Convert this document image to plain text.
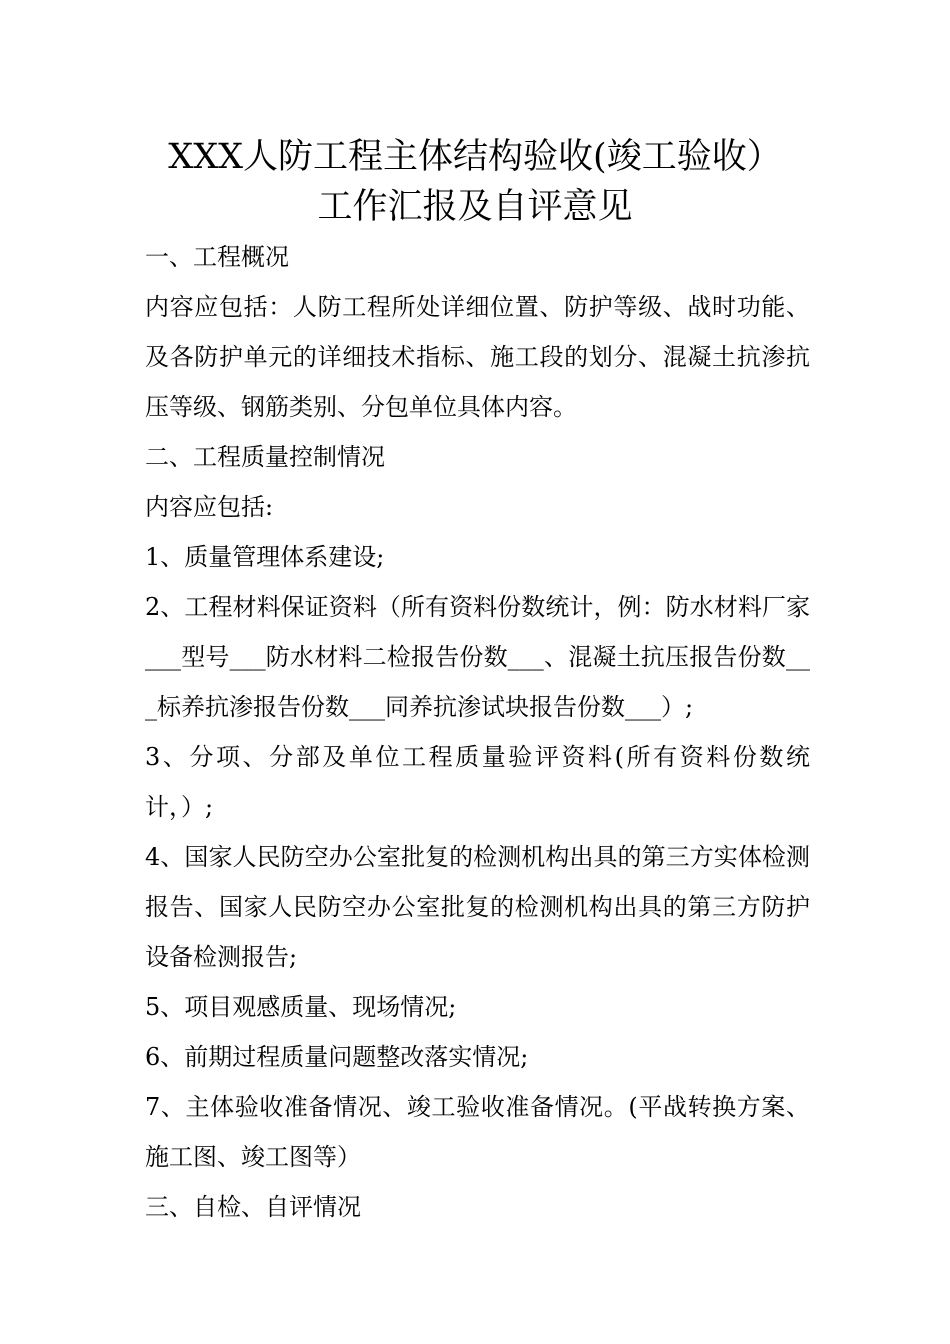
XXX人防工程主体结构验收(竣工验收）
工作汇报及自评意见

一、工程概况

内容应包括：人防工程所处详细位置、防护等级、战时功能、及各防护单元的详细技术指标、施工段的划分、混凝土抗渗抗压等级、钢筋类别、分包单位具体内容。

二、工程质量控制情况

内容应包括:

1、质量管理体系建设;

2、工程材料保证资料（所有资料份数统计，例：防水材料厂家___型号___防水材料二检报告份数___、混凝土抗压报告份数___标养抗渗报告份数___同养抗渗试块报告份数___）;

3、分项、分部及单位工程质量验评资料(所有资料份数统计，）;

4、国家人民防空办公室批复的检测机构出具的第三方实体检测报告、国家人民防空办公室批复的检测机构出具的第三方防护设备检测报告;

5、项目观感质量、现场情况;

6、前期过程质量问题整改落实情况;

7、主体验收准备情况、竣工验收准备情况。(平战转换方案、施工图、竣工图等）

三、自检、自评情况
